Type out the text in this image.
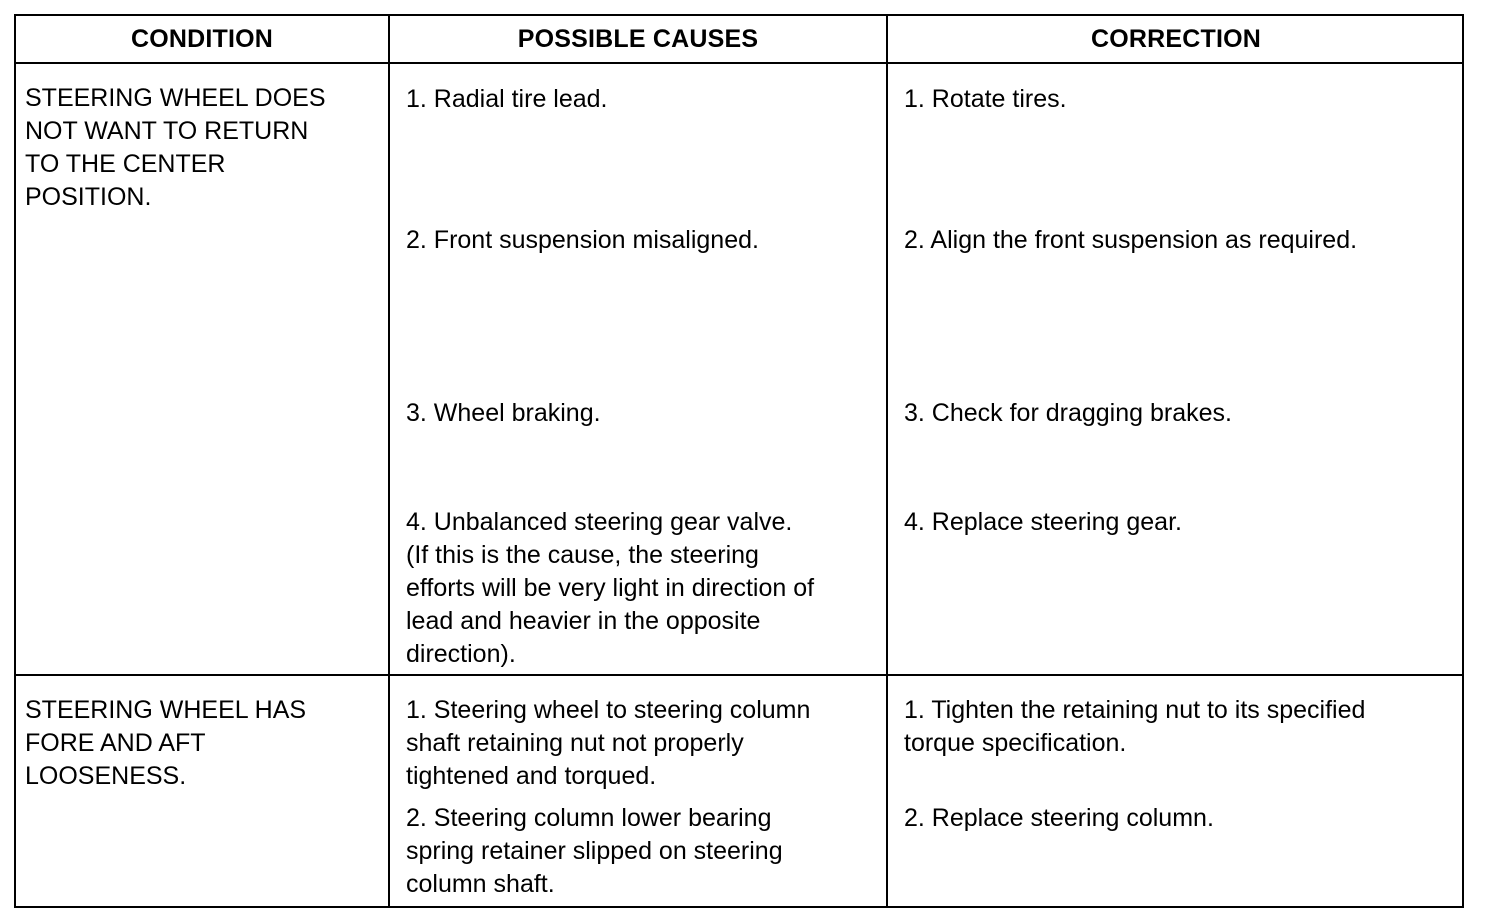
CONDITION	POSSIBLE CAUSES	CORRECTION
STEERING WHEEL DOES
NOT WANT TO RETURN
TO THE CENTER
POSITION.
1. Radial tire lead.
2. Front suspension misaligned.
3. Wheel braking.
4. Unbalanced steering gear valve.
(If this is the cause, the steering
efforts will be very light in direction of
lead and heavier in the opposite
direction).
1. Rotate tires.
2. Align the front suspension as required.
3. Check for dragging brakes.
4. Replace steering gear.
STEERING WHEEL HAS
FORE AND AFT
LOOSENESS.
1. Steering wheel to steering column
shaft retaining nut not properly
tightened and torqued.
2. Steering column lower bearing
spring retainer slipped on steering
column shaft.
1. Tighten the retaining nut to its specified
torque specification.
2. Replace steering column.
